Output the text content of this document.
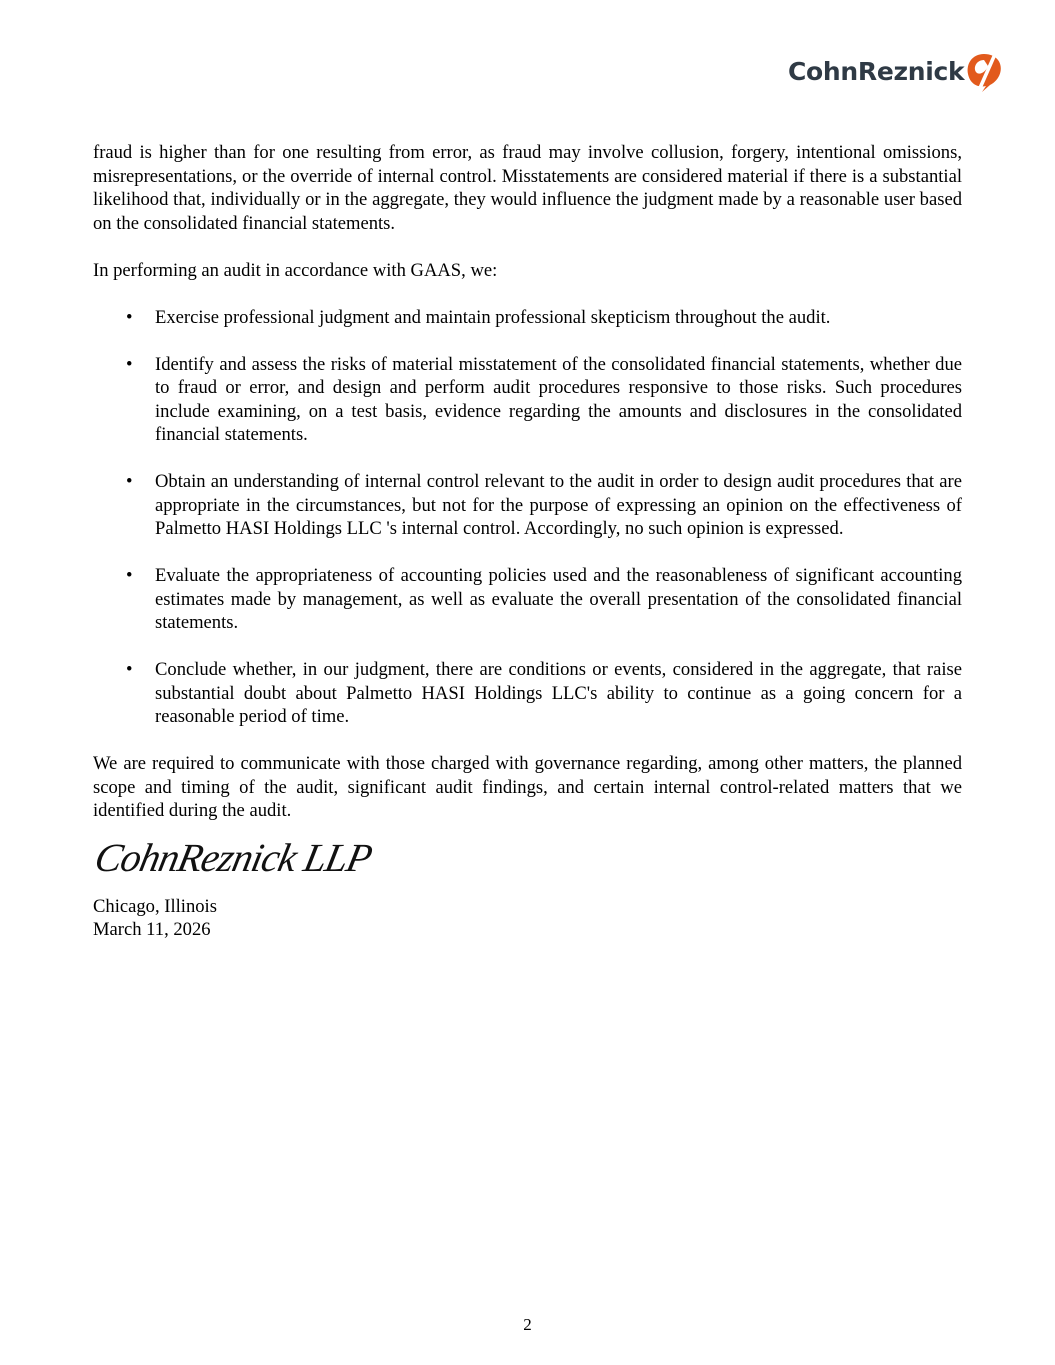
CohnReznick

fraud is higher than for one resulting from error, as fraud may involve collusion, forgery, intentional omissions, misrepresentations, or the override of internal control. Misstatements are considered material if there is a substantial likelihood that, individually or in the aggregate, they would influence the judgment made by a reasonable user based on the consolidated financial statements.

In performing an audit in accordance with GAAS, we:

• Exercise professional judgment and maintain professional skepticism throughout the audit.
• Identify and assess the risks of material misstatement of the consolidated financial statements, whether due to fraud or error, and design and perform audit procedures responsive to those risks. Such procedures include examining, on a test basis, evidence regarding the amounts and disclosures in the consolidated financial statements.
• Obtain an understanding of internal control relevant to the audit in order to design audit procedures that are appropriate in the circumstances, but not for the purpose of expressing an opinion on the effectiveness of Palmetto HASI Holdings LLC 's internal control. Accordingly, no such opinion is expressed.
• Evaluate the appropriateness of accounting policies used and the reasonableness of significant accounting estimates made by management, as well as evaluate the overall presentation of the consolidated financial statements.
• Conclude whether, in our judgment, there are conditions or events, considered in the aggregate, that raise substantial doubt about Palmetto HASI Holdings LLC's ability to continue as a going concern for a reasonable period of time.

We are required to communicate with those charged with governance regarding, among other matters, the planned scope and timing of the audit, significant audit findings, and certain internal control-related matters that we identified during the audit.

CohnReznick LLP
Chicago, Illinois
March 11, 2026
2
